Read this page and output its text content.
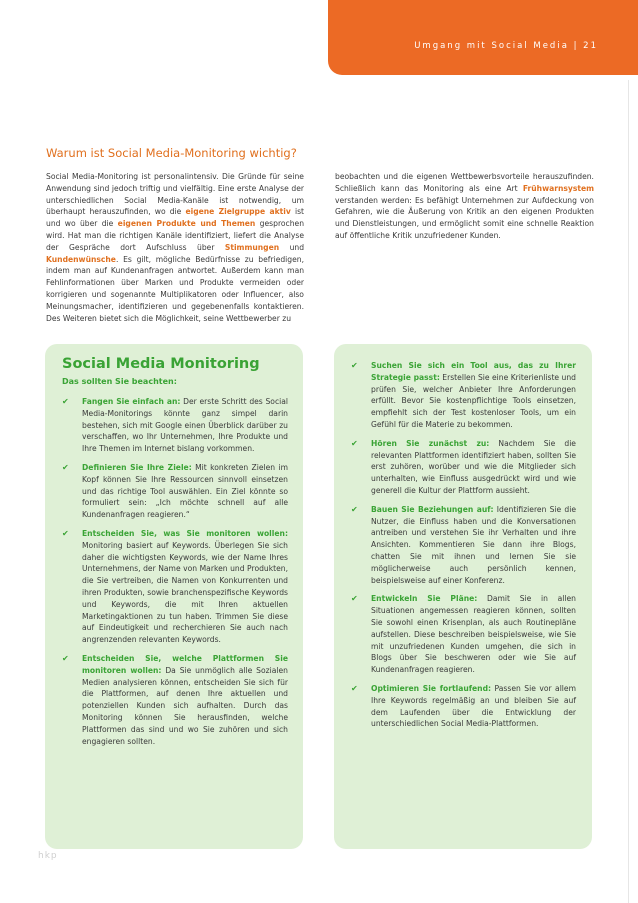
Umgang mit Social Media | 21
Warum ist Social Media-Monitoring wichtig?

Social Media-Monitoring ist personalintensiv. Die Gründe für seine Anwendung sind jedoch triftig und vielfältig. Eine erste Analyse der unterschiedlichen Social Media-Kanäle ist notwendig, um überhaupt herauszufinden, wo die eigene Zielgruppe aktiv ist und wo über die eigenen Produkte und Themen gesprochen wird. Hat man die richtigen Kanäle identifiziert, liefert die Analyse der Gespräche dort Aufschluss über Stimmungen und Kundenwünsche. Es gilt, mögliche Bedürfnisse zu befriedigen, indem man auf Kundenanfragen antwortet. Außerdem kann man Fehlinformationen über Marken und Produkte vermeiden oder korrigieren und sogenannte Multiplikatoren oder Influencer, also Meinungsmacher, identifizieren und gegebenenfalls kontaktieren. Des Weiteren bietet sich die Möglichkeit, seine Wettbewerber zu

beobachten und die eigenen Wettbewerbsvorteile herauszufinden. Schließlich kann das Monitoring als eine Art Frühwarnsystem verstanden werden: Es befähigt Unternehmen zur Aufdeckung von Gefahren, wie die Äußerung von Kritik an den eigenen Produkten und Dienstleistungen, und ermöglicht somit eine schnelle Reaktion auf öffentliche Kritik unzufriedener Kunden.

Social Media Monitoring

Das sollten Sie beachten:

✔ Fangen Sie einfach an: Der erste Schritt des Social Media-Monitorings könnte ganz simpel darin bestehen, sich mit Google einen Überblick darüber zu verschaffen, wo Ihr Unternehmen, Ihre Produkte und Ihre Themen im Internet bislang vorkommen.
✔ Definieren Sie Ihre Ziele: Mit konkreten Zielen im Kopf können Sie Ihre Ressourcen sinnvoll einsetzen und das richtige Tool auswählen. Ein Ziel könnte so formuliert sein: „Ich möchte schnell auf alle Kundenanfragen reagieren.“
✔ Entscheiden Sie, was Sie monitoren wollen: Monitoring basiert auf Keywords. Überlegen Sie sich daher die wichtigsten Keywords, wie der Name Ihres Unternehmens, der Name von Marken und Produkten, die Sie vertreiben, die Namen von Konkurrenten und ihren Produkten, sowie branchenspezifische Keywords und Keywords, die mit Ihren aktuellen Marketingaktionen zu tun haben. Trimmen Sie diese auf Eindeutigkeit und recherchieren Sie auch nach angrenzenden relevanten Keywords.
✔ Entscheiden Sie, welche Plattformen Sie monitoren wollen: Da Sie unmöglich alle Sozialen Medien analysieren können, entscheiden Sie sich für die Plattformen, auf denen Ihre aktuellen und potenziellen Kunden sich aufhalten. Durch das Monitoring können Sie herausfinden, welche Plattformen das sind und wo Sie zuhören und sich engagieren sollten.
✔ Suchen Sie sich ein Tool aus, das zu Ihrer Strategie passt: Erstellen Sie eine Kriterienliste und prüfen Sie, welcher Anbieter Ihre Anforderungen erfüllt. Bevor Sie kostenpflichtige Tools einsetzen, empfiehlt sich der Test kostenloser Tools, um ein Gefühl für die Materie zu bekommen.
✔ Hören Sie zunächst zu: Nachdem Sie die relevanten Plattformen identifiziert haben, sollten Sie erst zuhören, worüber und wie die Mitglieder sich unterhalten, wie Einfluss ausgedrückt wird und wie generell die Kultur der Plattform aussieht.
✔ Bauen Sie Beziehungen auf: Identifizieren Sie die Nutzer, die Einfluss haben und die Konversationen antreiben und verstehen Sie ihr Verhalten und ihre Ansichten. Kommentieren Sie dann ihre Blogs, chatten Sie mit ihnen und lernen Sie sie möglicherweise auch persönlich kennen, beispielsweise auf einer Konferenz.
✔ Entwickeln Sie Pläne: Damit Sie in allen Situationen angemessen reagieren können, sollten Sie sowohl einen Krisenplan, als auch Routinepläne aufstellen. Diese beschreiben beispielsweise, wie Sie mit unzufriedenen Kunden umgehen, die sich in Blogs über Sie beschweren oder wie Sie auf Kundenanfragen reagieren.
✔ Optimieren Sie fortlaufend: Passen Sie vor allem Ihre Keywords regelmäßig an und bleiben Sie auf dem Laufenden über die Entwicklung der unterschiedlichen Social Media-Plattformen.
hkp
